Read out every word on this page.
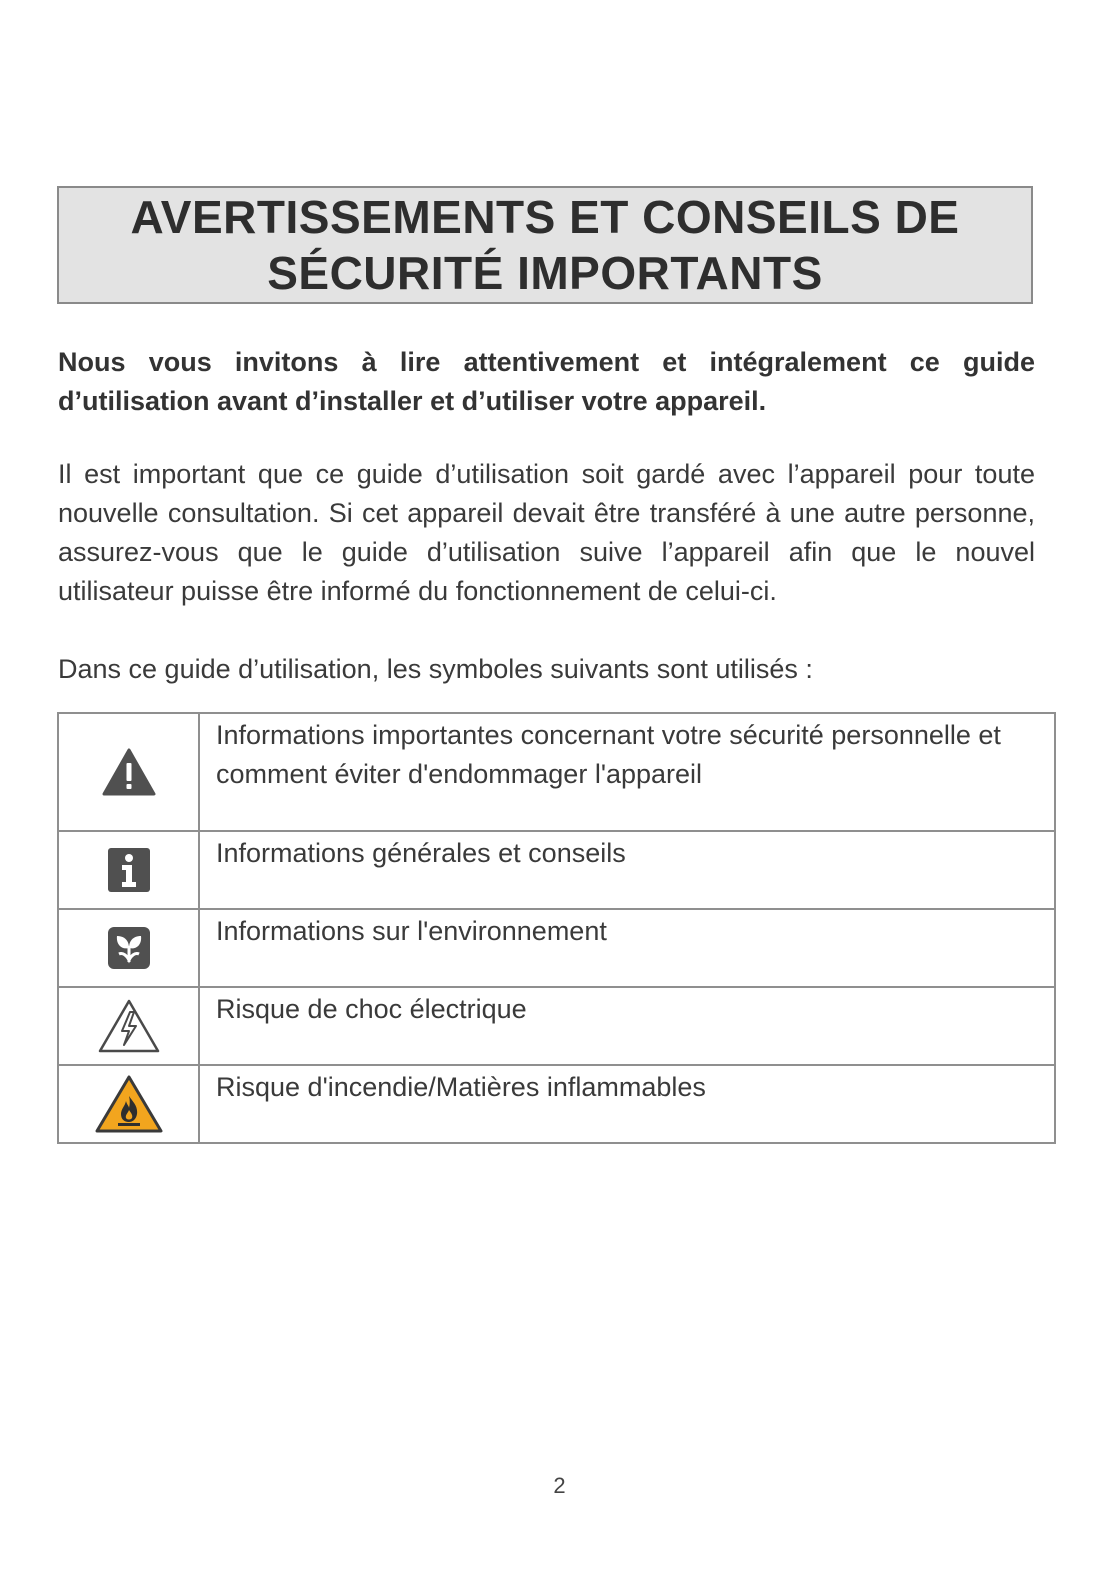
AVERTISSEMENTS ET CONSEILS DE
SÉCURITÉ IMPORTANTS

Nous vous invitons à lire attentivement et intégralement ce guide d’utilisation avant d’installer et d’utiliser votre appareil.

Il est important que ce guide d’utilisation soit gardé avec l’appareil pour toute nouvelle consultation. Si cet appareil devait être transféré à une autre personne, assurez-vous que le guide d’utilisation suive l’appareil afin que le nouvel utilisateur puisse être informé du fonctionnement de celui-ci.

	Informations importantes concernant votre sécurité personnelle et comment éviter d'endommager l'appareil

	Informations générales et conseils

	Informations sur l'environnement

	Risque de choc électrique

	Risque d'incendie/Matières inflammables

Dans ce guide d’utilisation, les symboles suivants sont utilisés :

2
